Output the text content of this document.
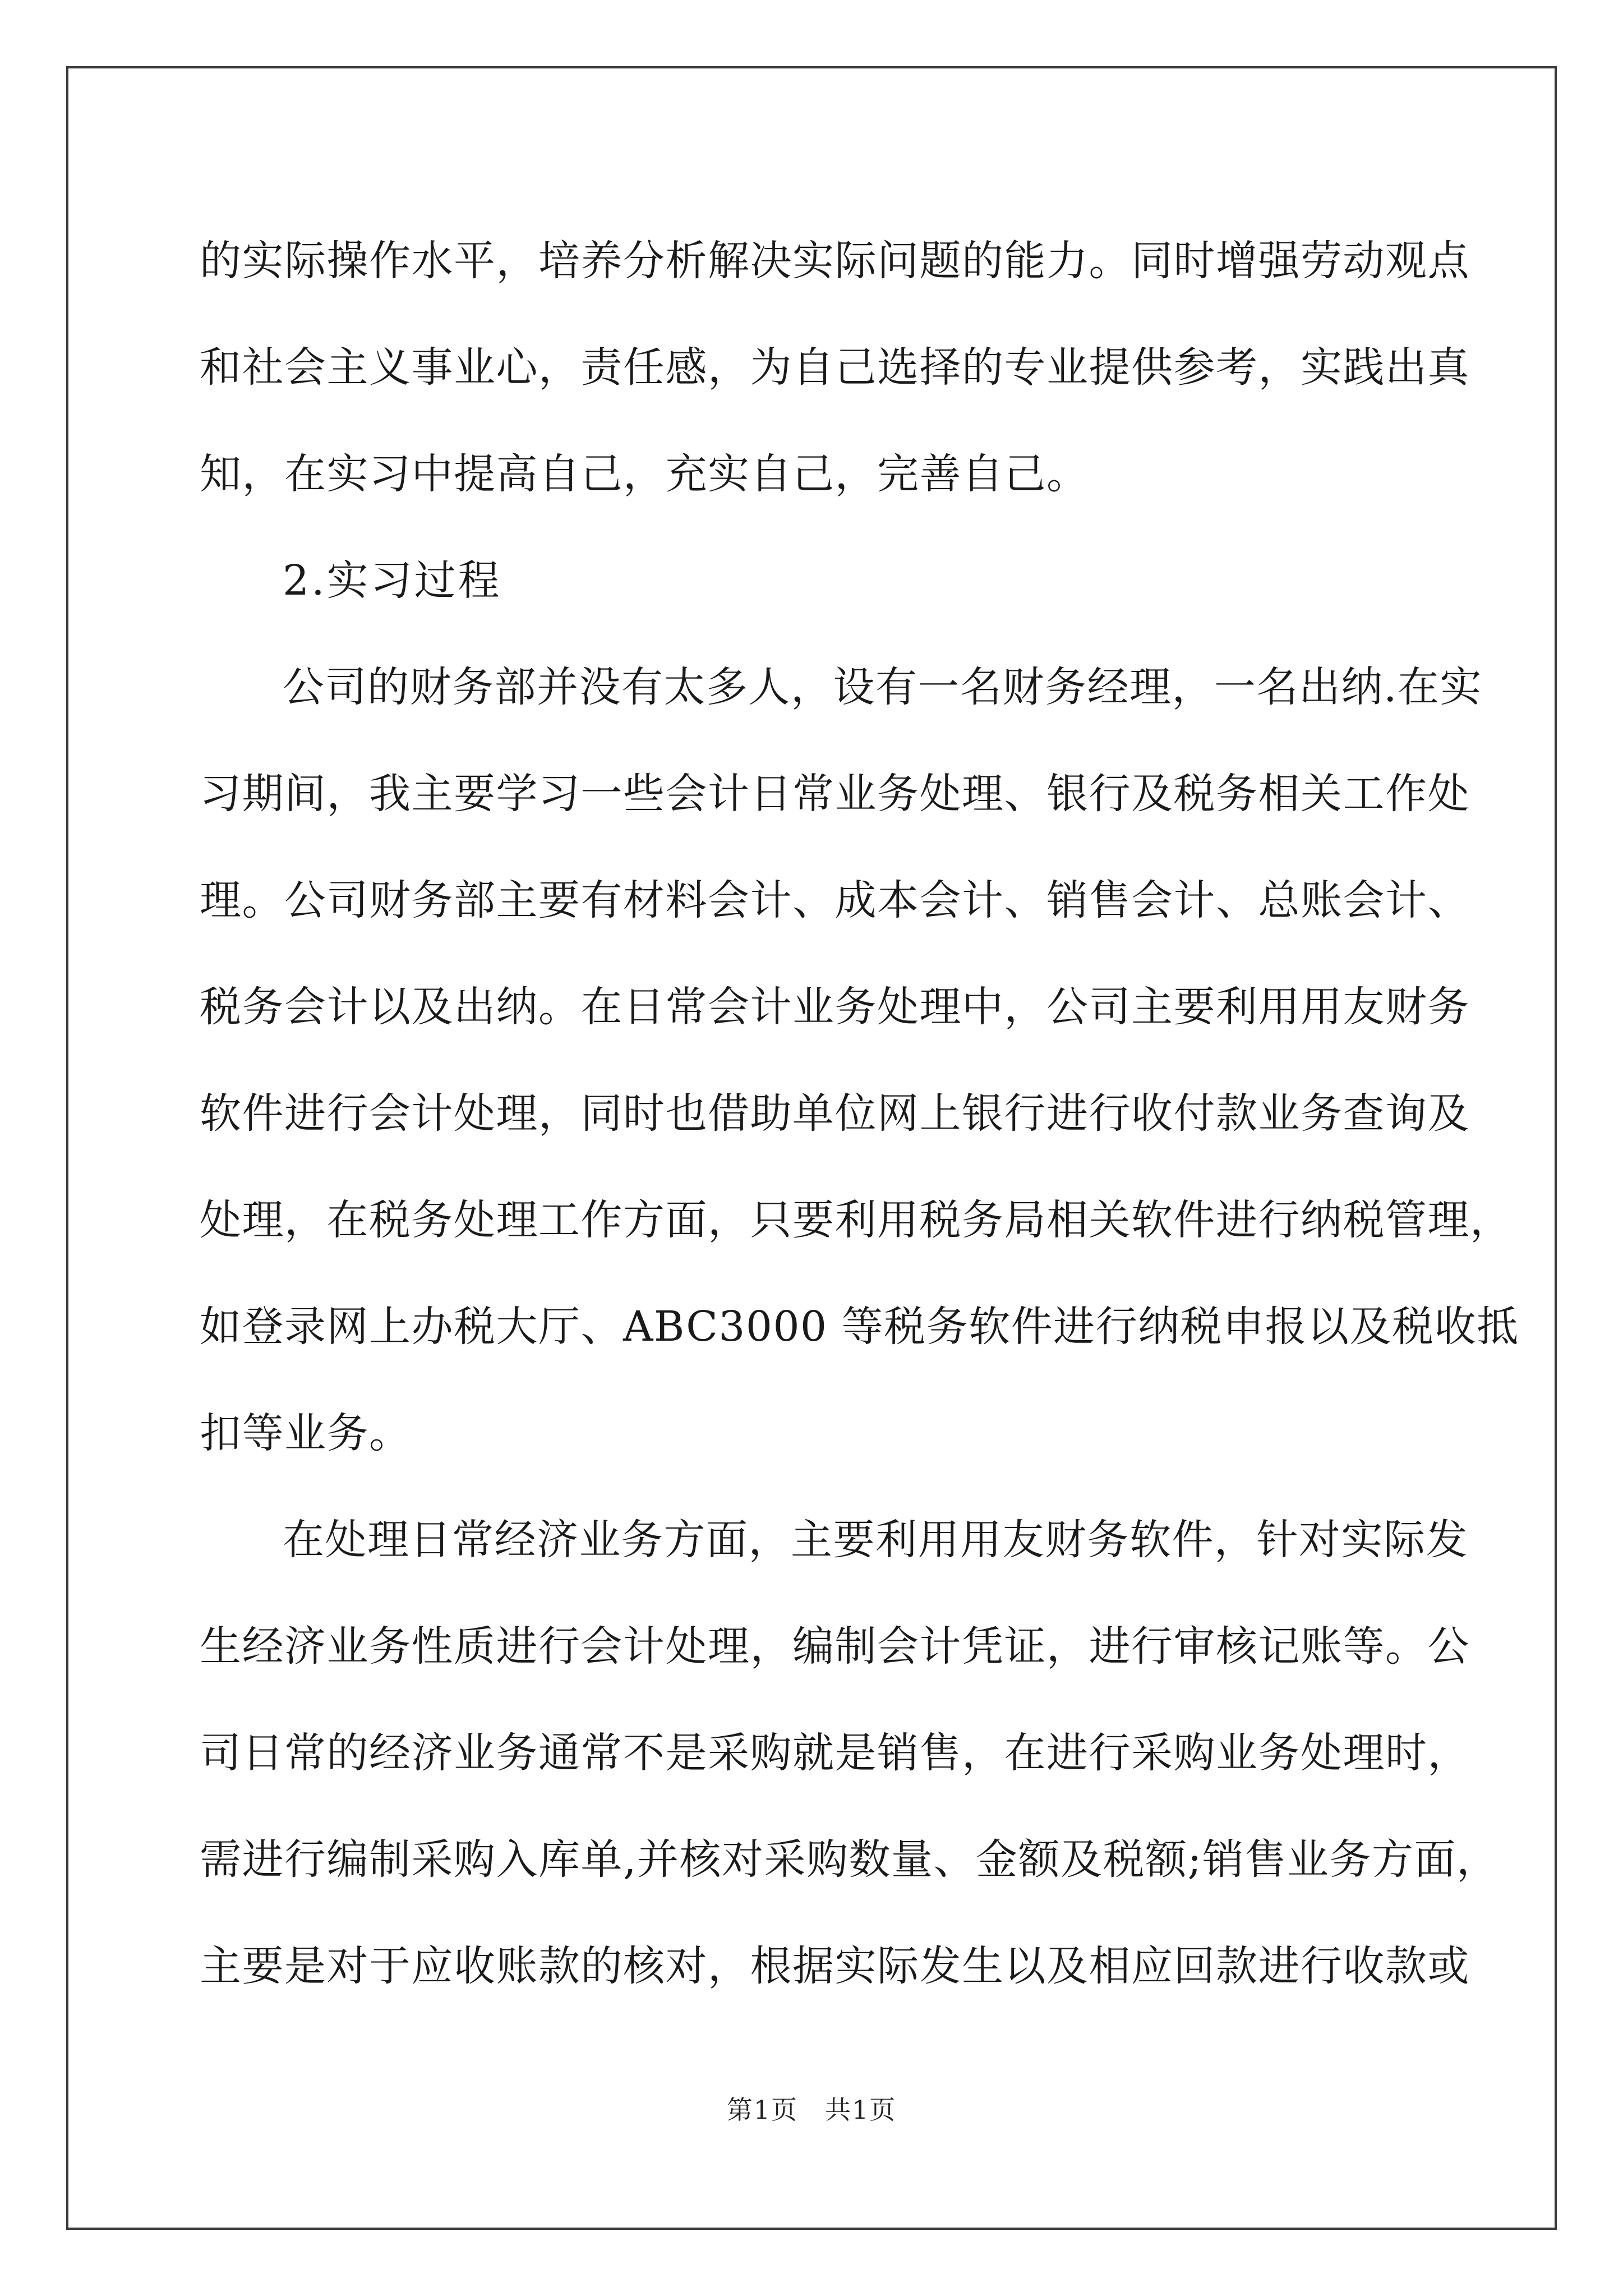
的实际操作水平，培养分析解决实际问题的能力。同时增强劳动观点
和社会主义事业心，责任感，为自己选择的专业提供参考，实践出真
知，在实习中提高自己，充实自己，完善自己。
2.实习过程
公司的财务部并没有太多人，设有一名财务经理，一名出纳.在实
习期间，我主要学习一些会计日常业务处理、银行及税务相关工作处
理。公司财务部主要有材料会计、成本会计、销售会计、总账会计、
税务会计以及出纳。在日常会计业务处理中，公司主要利用用友财务
软件进行会计处理，同时也借助单位网上银行进行收付款业务查询及
处理，在税务处理工作方面，只要利用税务局相关软件进行纳税管理，
如登录网上办税大厅、ABC3000 等税务软件进行纳税申报以及税收抵
扣等业务。
在处理日常经济业务方面，主要利用用友财务软件，针对实际发
生经济业务性质进行会计处理，编制会计凭证，进行审核记账等。公
司日常的经济业务通常不是采购就是销售，在进行采购业务处理时，
需进行编制采购入库单,并核对采购数量、金额及税额;销售业务方面，
主要是对于应收账款的核对，根据实际发生以及相应回款进行收款或
第1页　共1页
